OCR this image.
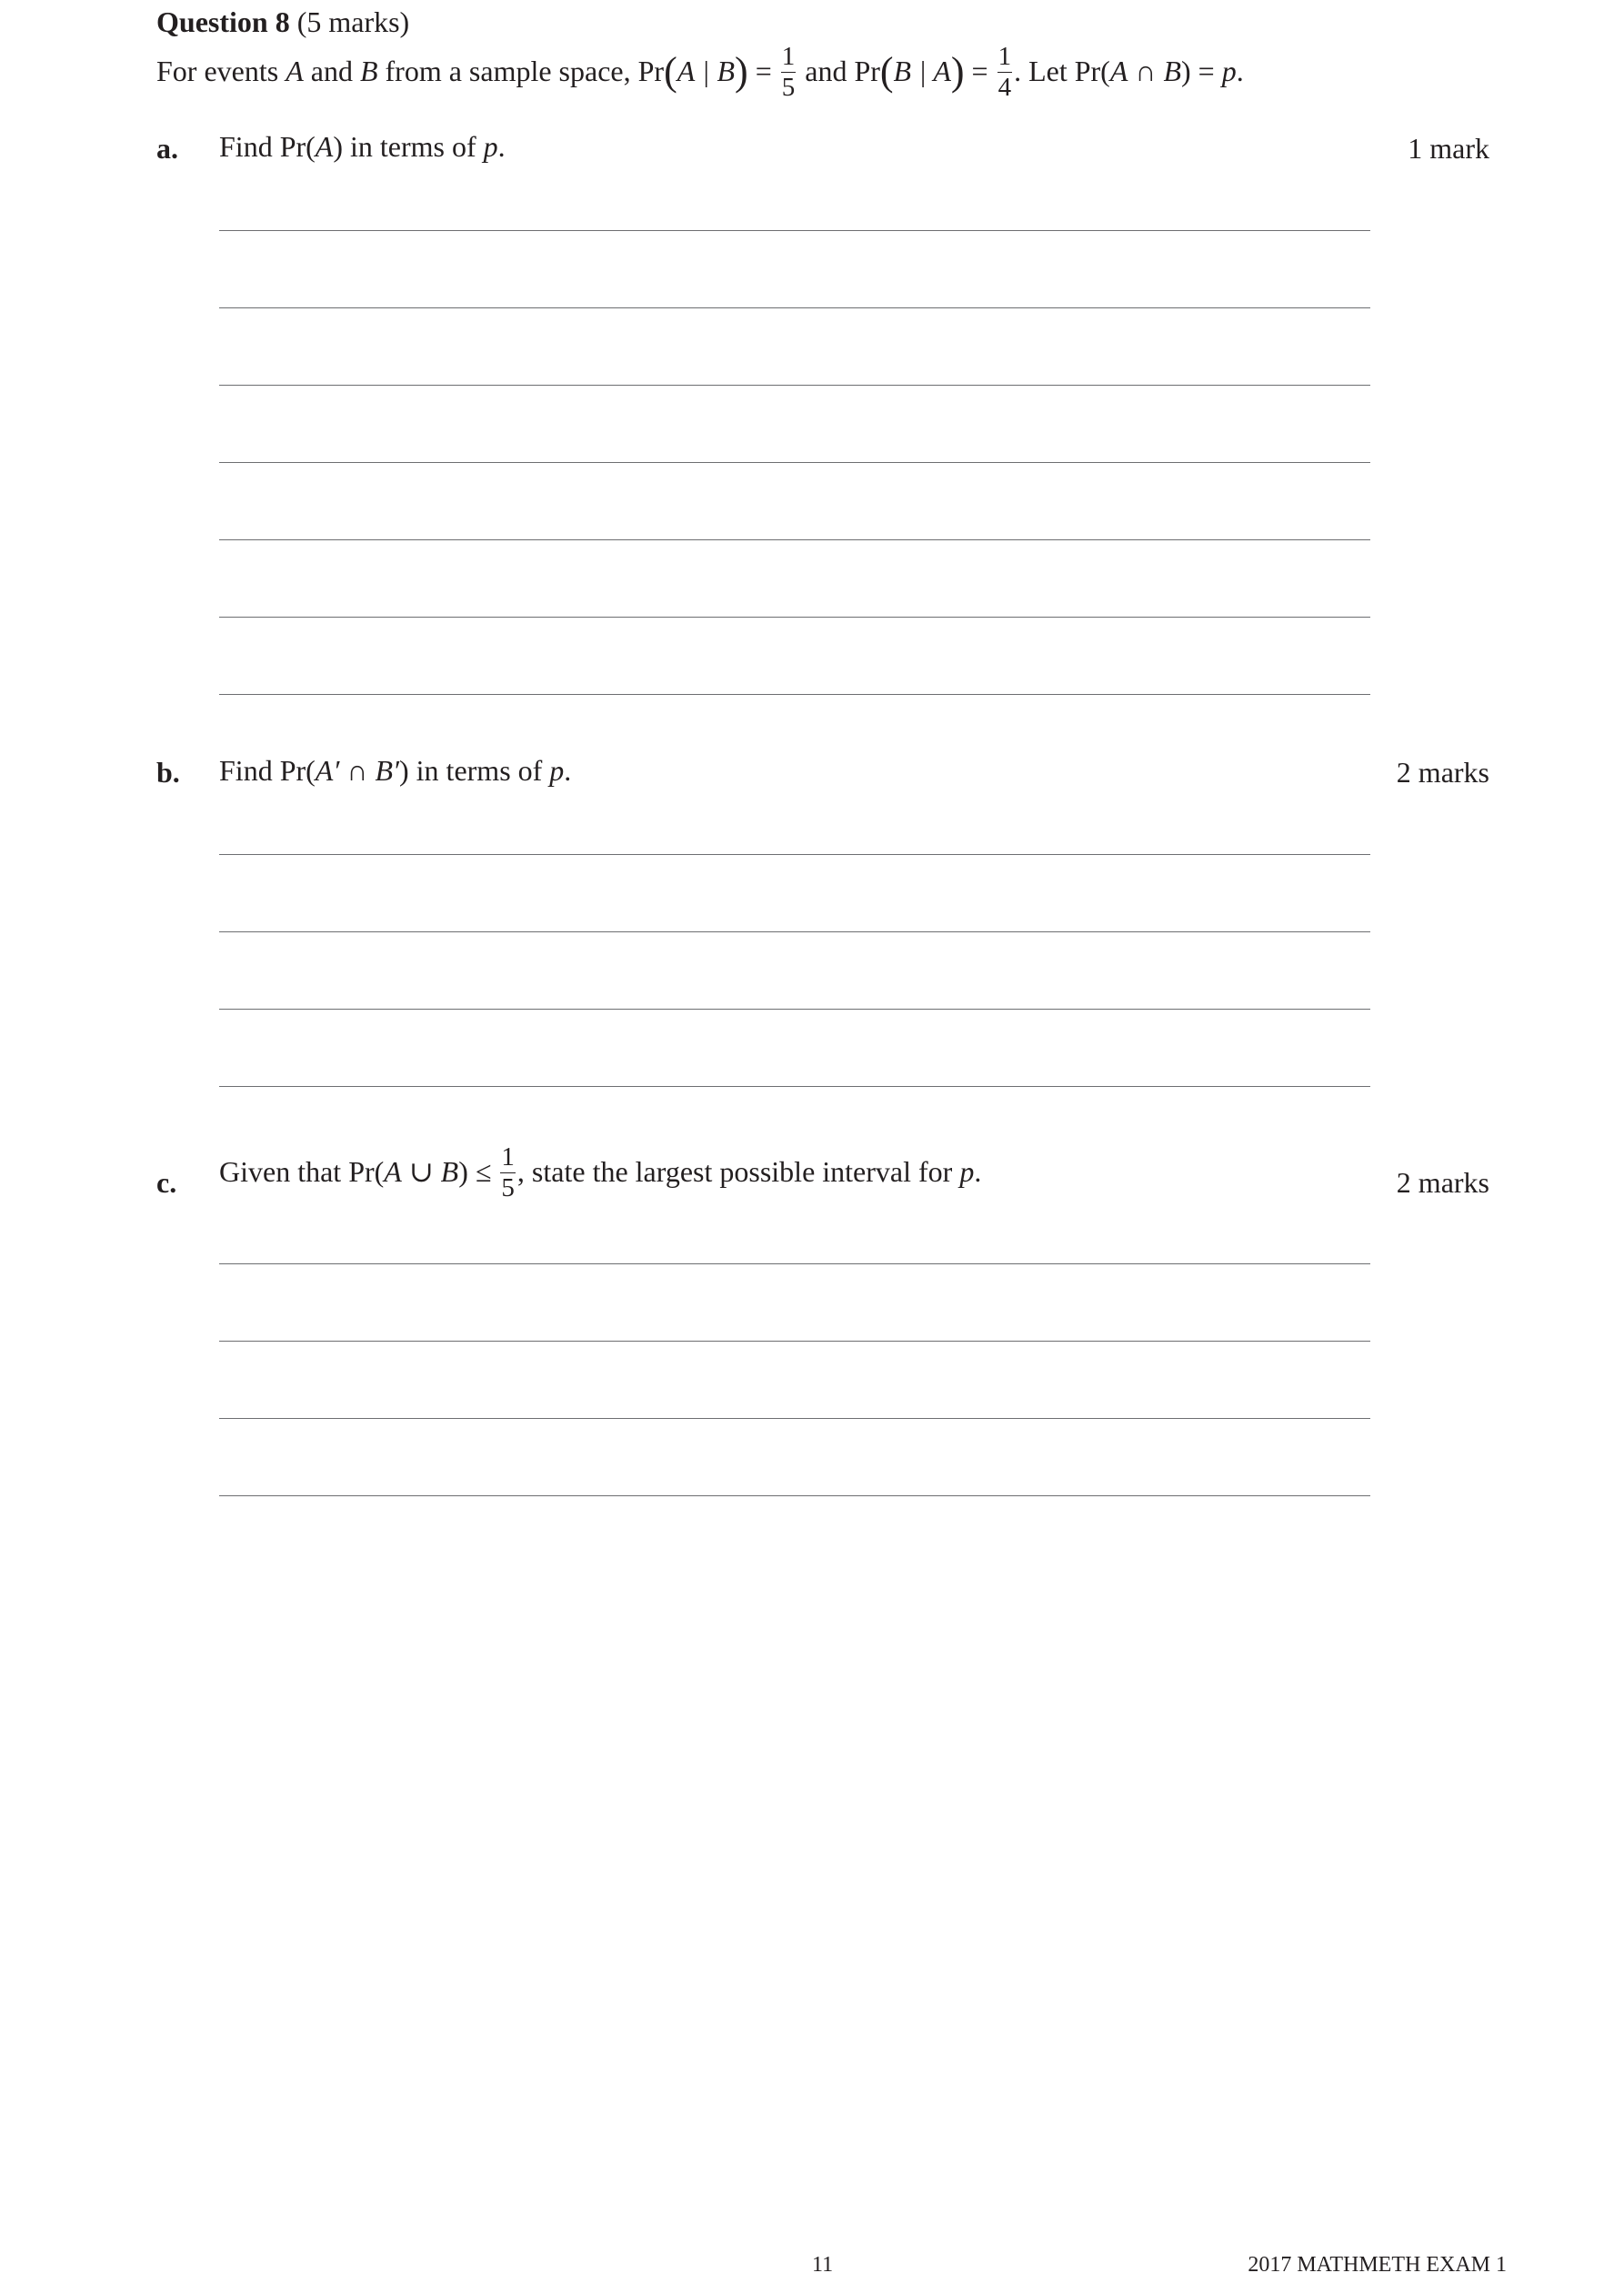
Question 8 (5 marks)
For events A and B from a sample space, Pr(A | $B) = \frac{1}{5}$ and Pr(B | $A) = \frac{1}{4}$ . Let Pr(A ∩ B) = p.
a. Find Pr(A) in terms of p.	1 mark
b. Find Pr(A′ ∩ B′) in terms of p.	2 marks
c. Given that Pr(A ∪ $B) \le \frac{1}{5}$ , state the largest possible interval for p.	2 marks
11	2017 MATHMETH EXAM 1
